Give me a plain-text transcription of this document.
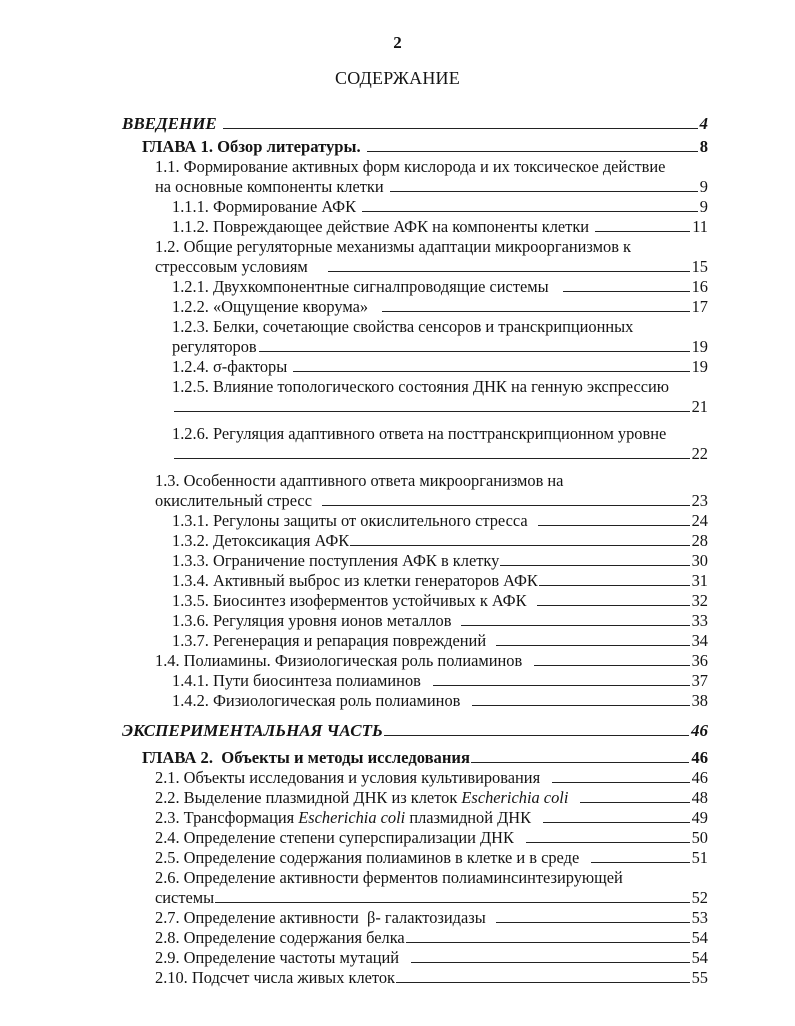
2
СОДЕРЖАНИЕ
ВВЕДЕНИЕ	4
ГЛАВА 1. Обзор литературы.	8
1.1. Формирование активных форм кислорода и их токсическое действие
на основные компоненты клетки	9
1.1.1. Формирование АФК	9
1.1.2. Повреждающее действие АФК на компоненты клетки	11
1.2. Общие регуляторные механизмы адаптации микроорганизмов к
стрессовым условиям	15
1.2.1. Двухкомпонентные сигналпроводящие системы	16
1.2.2. «Ощущение кворума»	17
1.2.3. Белки, сочетающие свойства сенсоров и транскрипционных
регуляторов	19
1.2.4. σ-факторы	19
1.2.5. Влияние топологического состояния ДНК на генную экспрессию
21
1.2.6. Регуляция адаптивного ответа на посттранскрипционном уровне
22
1.3. Особенности адаптивного ответа микроорганизмов на
окислительный стресс	23
1.3.1. Регулоны защиты от окислительного стресса	24
1.3.2. Детоксикация АФК	28
1.3.3. Ограничение поступления АФК в клетку	30
1.3.4. Активный выброс из клетки генераторов АФК	31
1.3.5. Биосинтез изоферментов устойчивых к АФК	32
1.3.6. Регуляция уровня ионов металлов	33
1.3.7. Регенерация и репарация повреждений	34
1.4. Полиамины. Физиологическая роль полиаминов	36
1.4.1. Пути биосинтеза полиаминов	37
1.4.2. Физиологическая роль полиаминов	38
ЭКСПЕРИМЕНТАЛЬНАЯ ЧАСТЬ	46
ГЛАВА 2.  Объекты и методы исследования	46
2.1. Объекты исследования и условия культивирования	46
2.2. Выделение плазмидной ДНК из клеток Escherichia coli	48
2.3. Трансформация Escherichia coli плазмидной ДНК	49
2.4. Определение степени суперспирализации ДНК	50
2.5. Определение содержания полиаминов в клетке и в среде	51
2.6. Определение активности ферментов полиаминсинтезирующей
системы	52
2.7. Определение активности  β- галактозидазы	53
2.8. Определение содержания белка	54
2.9. Определение частоты мутаций	54
2.10. Подсчет числа живых клеток	55
